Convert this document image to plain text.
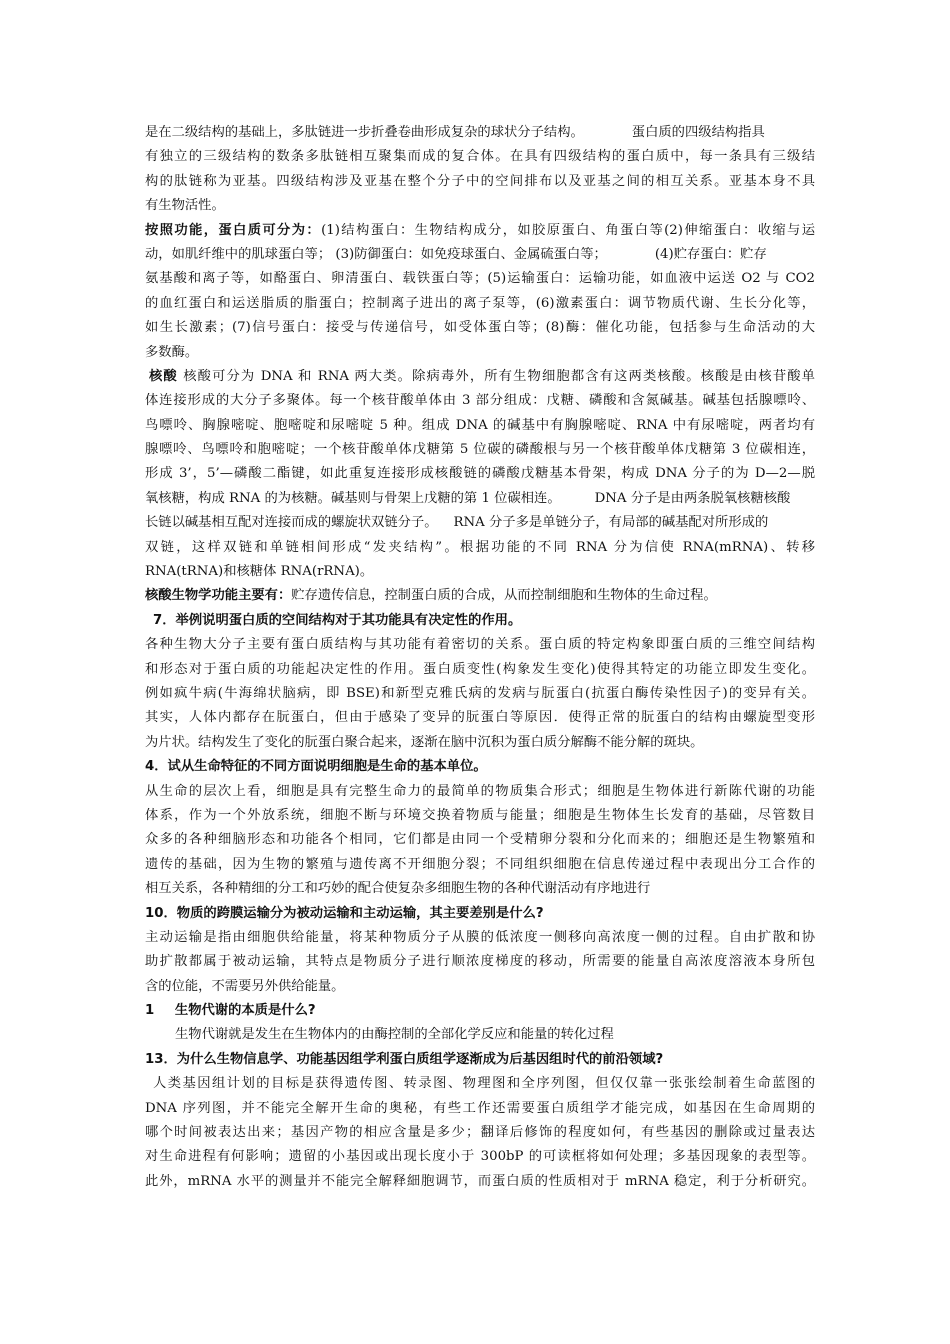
是在二级结构的基础上，多肽链进一步折叠卷曲形成复杂的球状分子结构。	蛋白质的四级结构指具
有独立的三级结构的数条多肽链相互聚集而成的复合体。在具有四级结构的蛋白质中，每一条具有三级结
构的肽链称为亚基。四级结构涉及亚基在整个分子中的空间排布以及亚基之间的相互关系。亚基本身不具
有生物活性。
按照功能，蛋白质可分为：(1)结构蛋白：生物结构成分，如胶原蛋白、角蛋白等(2)伸缩蛋白：收缩与运
动，如肌纤维中的肌球蛋白等； (3)防御蛋白：如免疫球蛋白、金属硫蛋白等；	(4)贮存蛋白：贮存
氨基酸和离子等，如酪蛋白、卵清蛋白、载铁蛋白等；(5)运输蛋白：运输功能，如血液中运送 O2 与 CO2
的血红蛋白和运送脂质的脂蛋白；控制离子进出的离子泵等，(6)激素蛋白：调节物质代谢、生长分化等，
如生长激素；(7)信号蛋白：接受与传递信号，如受体蛋白等；(8)酶：催化功能，包括参与生命活动的大
多数酶。
核酸 核酸可分为 DNA 和 RNA 两大类。除病毒外，所有生物细胞都含有这两类核酸。核酸是由核苷酸单
体连接形成的大分子多聚体。每一个核苷酸单体由 3 部分组成：戊糖、磷酸和含氮碱基。碱基包括腺嘌呤、
鸟嘌呤、胸腺嘧啶、胞嘧啶和尿嘧啶 5 种。组成 DNA 的碱基中有胸腺嘧啶、RNA 中有尿嘧啶，两者均有
腺嘌呤、鸟嘌呤和胞嘧啶；一个核苷酸单体戊糖第 5 位碳的磷酸根与另一个核苷酸单体戊糖第 3 位碳相连，
形成 3’，5’—磷酸二酯键，如此重复连接形成核酸链的磷酸戊糖基本骨架，构成 DNA 分子的为 D—2—脱
氧核糖，构成 RNA 的为核糖。碱基则与骨架上戊糖的第 1 位碳相连。	DNA 分子是由两条脱氧核糖核酸
长链以碱基相互配对连接而成的螺旋状双链分子。 RNA 分子多是单链分子，有局部的碱基配对所形成的
双链，这样双链和单链相间形成“发夹结构”。根据功能的不同 RNA 分为信使 RNA(mRNA)、转移
RNA(tRNA)和核糖体 RNA(rRNA)。
核酸生物学功能主要有：贮存遗传信息，控制蛋白质的合成，从而控制细胞和生物体的生命过程。
7．举例说明蛋白质的空间结构对于其功能具有决定性的作用。
各种生物大分子主要有蛋白质结构与其功能有着密切的关系。蛋白质的特定构象即蛋白质的三维空间结构
和形态对于蛋白质的功能起决定性的作用。蛋白质变性(构象发生变化)使得其特定的功能立即发生变化。
例如疯牛病(牛海绵状脑病，即 BSE)和新型克雅氏病的发病与朊蛋白(抗蛋白酶传染性因子)的变异有关。
其实，人体内都存在朊蛋白，但由于感染了变异的朊蛋白等原因．使得正常的朊蛋白的结构由螺旋型变形
为片状。结构发生了变化的朊蛋白聚合起来，逐渐在脑中沉积为蛋白质分解酶不能分解的斑块。
4．试从生命特征的不同方面说明细胞是生命的基本单位。
从生命的层次上看，细胞是具有完整生命力的最简单的物质集合形式；细胞是生物体进行新陈代谢的功能
体系，作为一个外放系统，细胞不断与环境交换着物质与能量；细胞是生物体生长发育的基础，尽管数目
众多的各种细脑形态和功能各个相同，它们都是由同一个受精卵分裂和分化而来的；细胞还是生物繁殖和
遗传的基础，因为生物的繁殖与遗传离不开细胞分裂；不同组织细胞在信息传递过程中表现出分工合作的
相互关系，各种精细的分工和巧妙的配合使复杂多细胞生物的各种代谢活动有序地进行
10．物质的跨膜运输分为被动运输和主动运输，其主要差别是什么?
主动运输是指由细胞供给能量，将某种物质分子从膜的低浓度一侧移向高浓度一侧的过程。自由扩散和协
助扩散都属于被动运输，其特点是物质分子进行顺浓度梯度的移动，所需要的能量自高浓度溶液本身所包
含的位能，不需要另外供给能量。
1 生物代谢的本质是什么?
生物代谢就是发生在生物体内的由酶控制的全部化学反应和能量的转化过程
13．为什么生物信息学、功能基因组学利蛋白质组学逐渐成为后基因组时代的前沿领域?
人类基因组计划的目标是获得遗传图、转录图、物理图和全序列图，但仅仅靠一张张绘制着生命蓝图的
DNA 序列图，并不能完全解开生命的奥秘，有些工作还需要蛋白质组学才能完成，如基因在生命周期的
哪个时间被表达出来；基因产物的相应含量是多少；翻译后修饰的程度如何，有些基因的删除或过量表达
对生命进程有何影响；遗留的小基因或出现长度小于 300bP 的可读框将如何处理；多基因现象的表型等。
此外，mRNA 水平的测量并不能完全解释細胞调节，而蛋白质的性质相对于 mRNA 稳定，利于分析研究。
